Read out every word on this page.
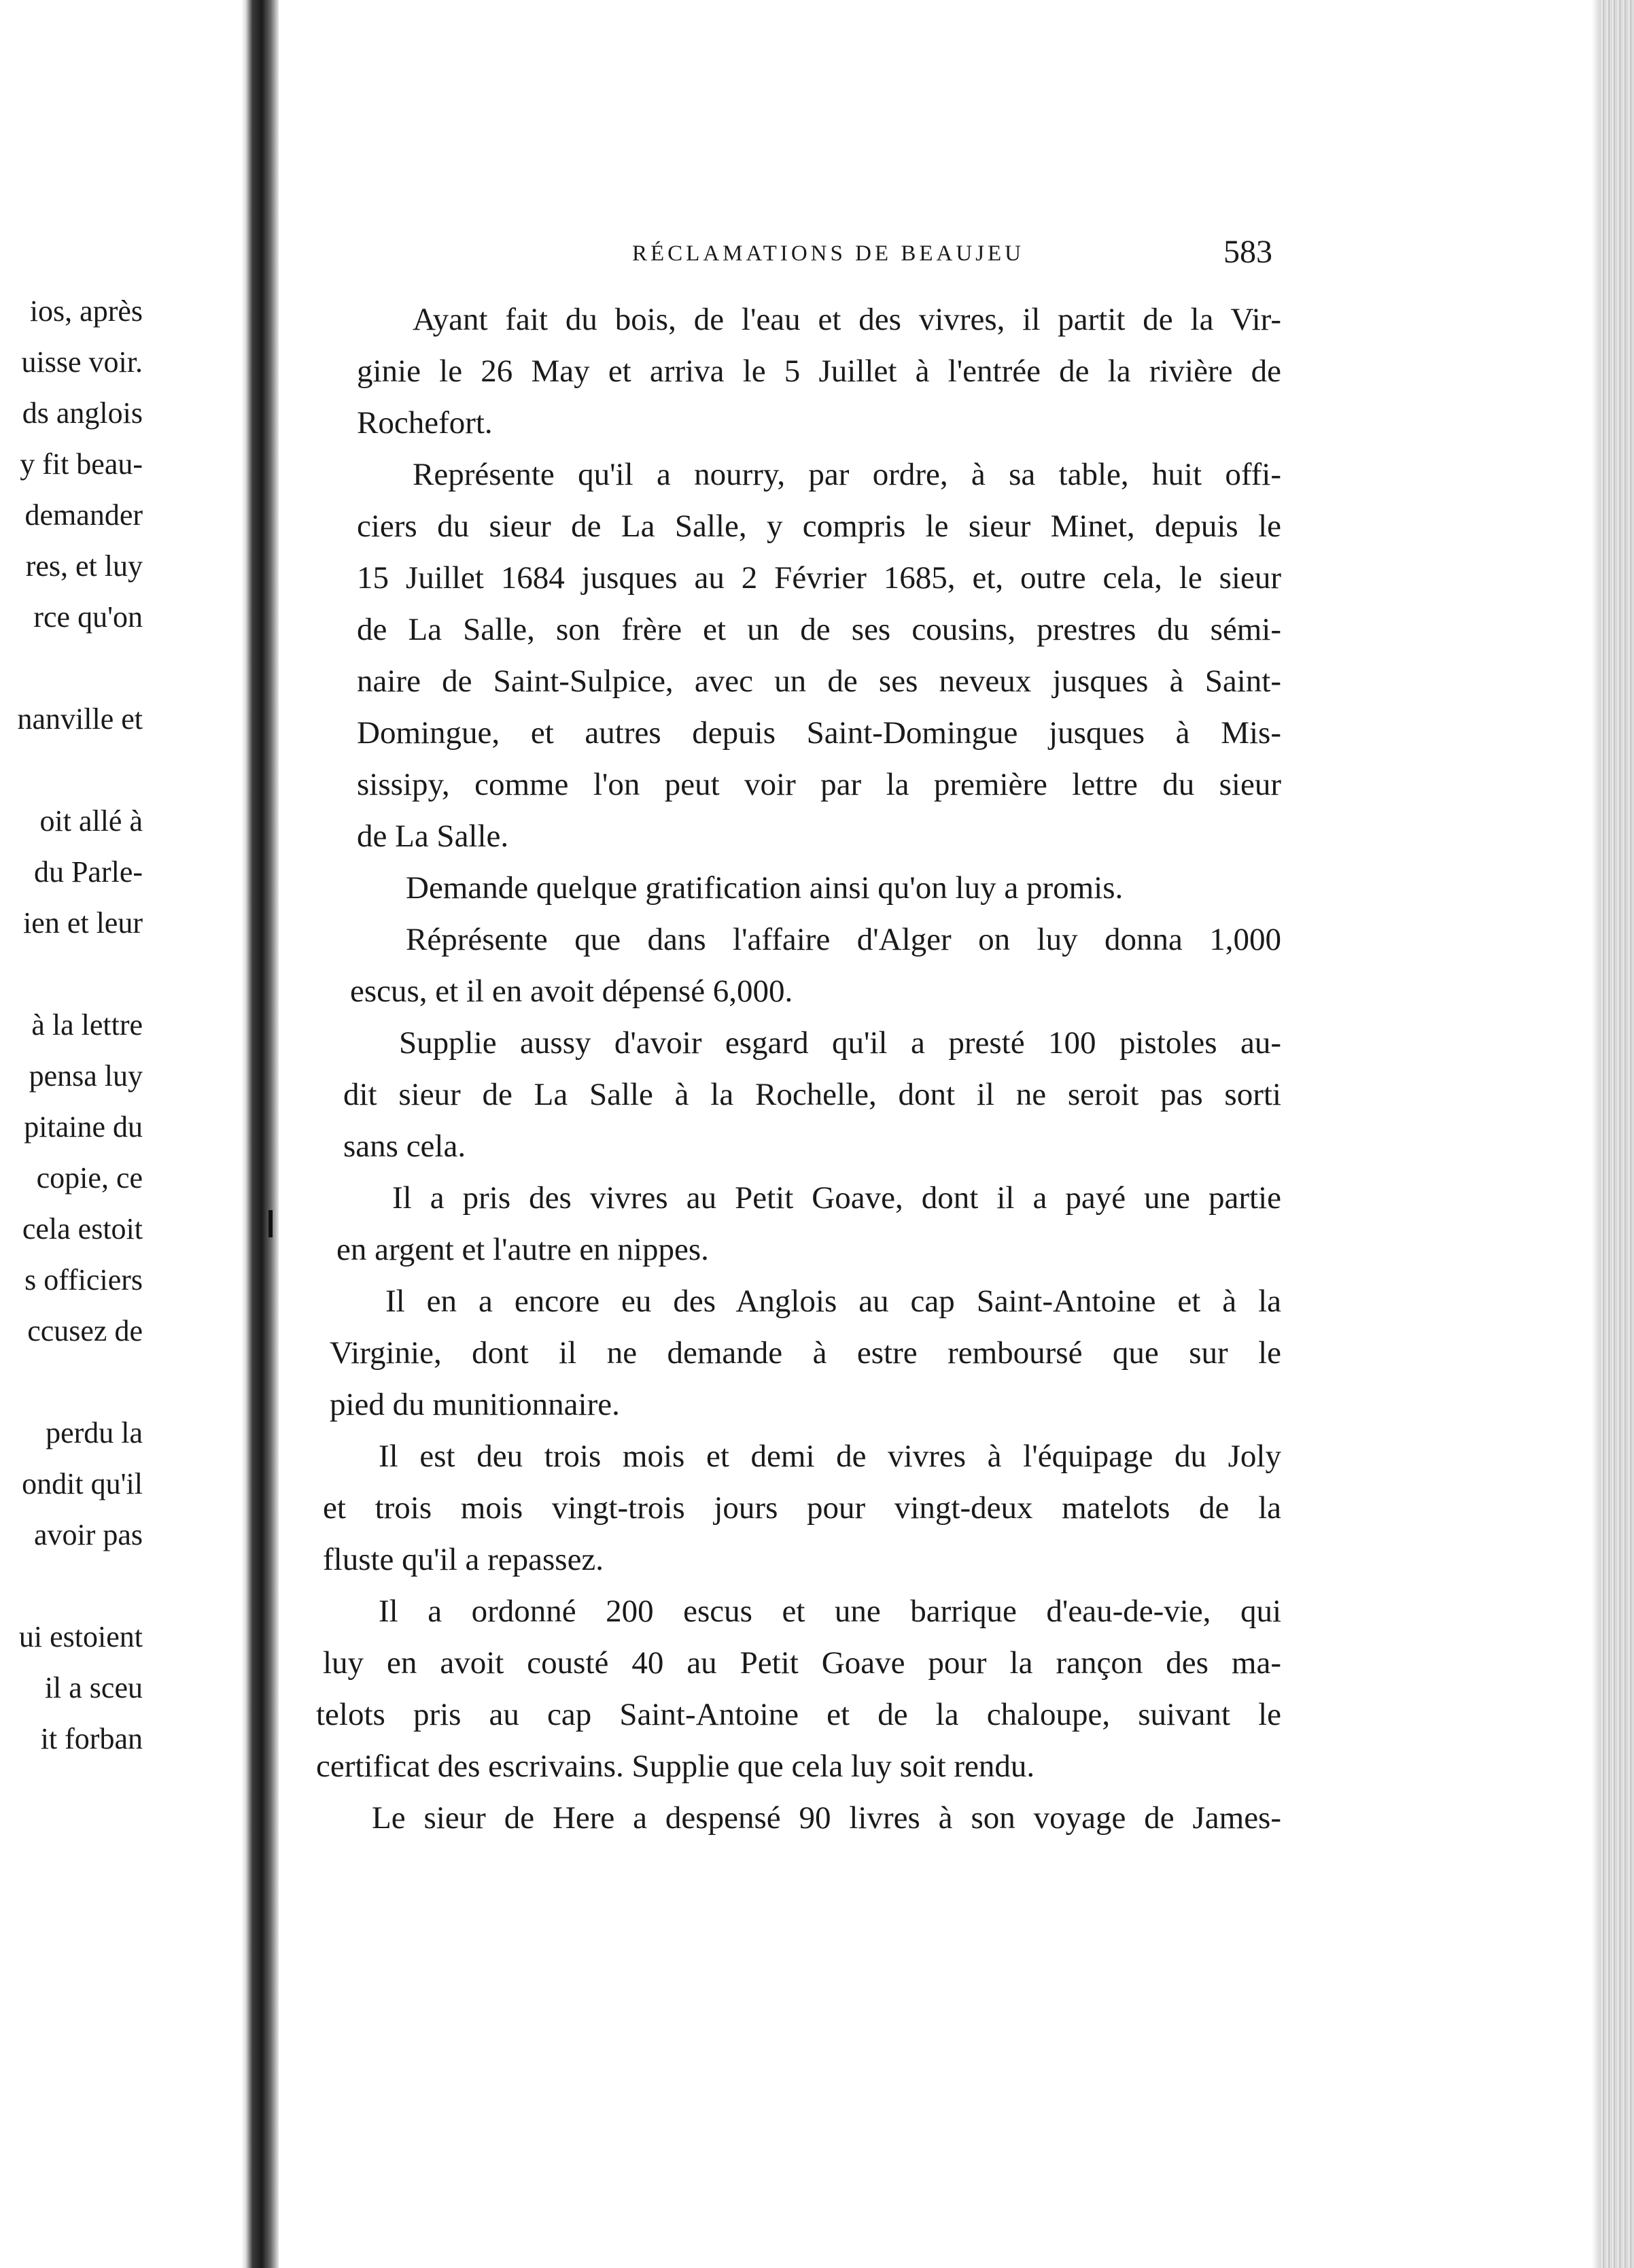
ios, après
uisse voir.
ds anglois
y fit beau-
demander
res, et luy
rce qu'on
nanville et
oit allé à
du Parle-
ien et leur
à la lettre
pensa luy
pitaine du
copie, ce
cela estoit
s officiers
ccusez de
perdu la
ondit qu'il
avoir pas
ui estoient
il a sceu
it forban
RÉCLAMATIONS DE BEAUJEU	583
Ayant fait du bois, de l'eau et des vivres, il partit de la Vir-
ginie le 26 May et arriva le 5 Juillet à l'entrée de la rivière de
Rochefort.
Représente qu'il a nourry, par ordre, à sa table, huit offi-
ciers du sieur de La Salle, y compris le sieur Minet, depuis le
15 Juillet 1684 jusques au 2 Février 1685, et, outre cela, le sieur
de La Salle, son frère et un de ses cousins, prestres du sémi-
naire de Saint-Sulpice, avec un de ses neveux jusques à Saint-
Domingue, et autres depuis Saint-Domingue jusques à Mis-
sissipy, comme l'on peut voir par la première lettre du sieur
de La Salle.
Demande quelque gratification ainsi qu'on luy a promis.
Réprésente que dans l'affaire d'Alger on luy donna 1,000
escus, et il en avoit dépensé 6,000.
Supplie aussy d'avoir esgard qu'il a presté 100 pistoles au-
dit sieur de La Salle à la Rochelle, dont il ne seroit pas sorti
sans cela.
Il a pris des vivres au Petit Goave, dont il a payé une partie
en argent et l'autre en nippes.
Il en a encore eu des Anglois au cap Saint-Antoine et à la
Virginie, dont il ne demande à estre remboursé que sur le
pied du munitionnaire.
Il est deu trois mois et demi de vivres à l'équipage du Joly
et trois mois vingt-trois jours pour vingt-deux matelots de la
fluste qu'il a repassez.
Il a ordonné 200 escus et une barrique d'eau-de-vie, qui
luy en avoit cousté 40 au Petit Goave pour la rançon des ma-
telots pris au cap Saint-Antoine et de la chaloupe, suivant le
certificat des escrivains. Supplie que cela luy soit rendu.
Le sieur de Here a despensé 90 livres à son voyage de James-
